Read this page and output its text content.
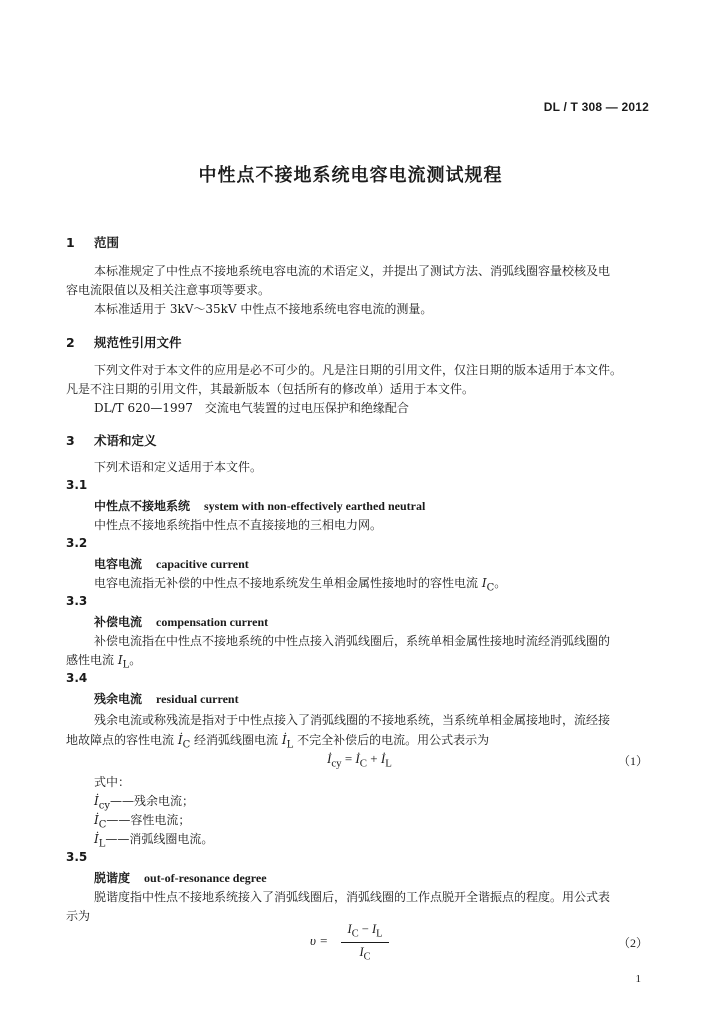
DL / T 308 — 2012
中性点不接地系统电容电流测试规程
1 范围
本标准规定了中性点不接地系统电容电流的术语定义，并提出了测试方法、消弧线圈容量校核及电
容电流限值以及相关注意事项等要求。
本标准适用于 3kV～35kV 中性点不接地系统电容电流的测量。
2 规范性引用文件
下列文件对于本文件的应用是必不可少的。凡是注日期的引用文件，仅注日期的版本适用于本文件。
凡是不注日期的引用文件，其最新版本（包括所有的修改单）适用于本文件。
DL/T 620—1997　交流电气装置的过电压保护和绝缘配合
3 术语和定义
下列术语和定义适用于本文件。
3.1
中性点不接地系统 system with non-effectively earthed neutral
中性点不接地系统指中性点不直接接地的三相电力网。
3.2
电容电流 capacitive current
电容电流指无补偿的中性点不接地系统发生单相金属性接地时的容性电流 $I_C$。
3.3
补偿电流 compensation current
补偿电流指在中性点不接地系统的中性点接入消弧线圈后，系统单相金属性接地时流经消弧线圈的
感性电流 $I_L$。
3.4
残余电流 residual current
残余电流或称残流是指对于中性点接入了消弧线圈的不接地系统，当系统单相金属接地时，流经接
地故障点的容性电流 $İ_C$ 经消弧线圈电流 $İ_L$ 不完全补偿后的电流。用公式表示为
$İ_{cy}$ = $İ_C$ + $İ_L$	（1）
式中：
$İ_{cy}——$残余电流；
$İ_C——$容性电流；
$İ_L——$消弧线圈电流。
3.5
脱谐度 out-of-resonance degree
脱谐度指中性点不接地系统接入了消弧线圈后，消弧线圈的工作点脱开全谐振点的程度。用公式表
示为
υ =
$I_C - I_L$
$I_C$
（2）
1
